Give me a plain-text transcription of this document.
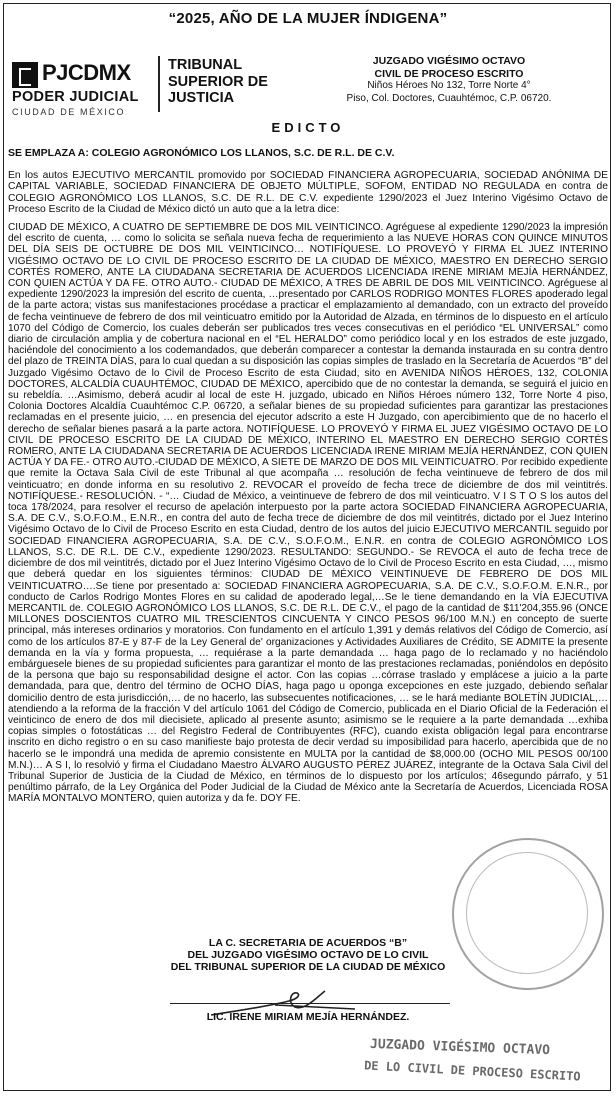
“2025, AÑO DE LA MUJER ÍNDIGENA”
PJCDMX
PODER JUDICIAL
CIUDAD DE MÉXICO
TRIBUNAL
SUPERIOR DE
JUSTICIA
JUZGADO VIGÉSIMO OCTAVO
CIVIL DE PROCESO ESCRITO
Niños Héroes No 132, Torre Norte 4°
Piso, Col. Doctores, Cuauhtémoc, C.P. 06720.
EDICTO
SE EMPLAZA A: COLEGIO AGRONÓMICO LOS LLANOS, S.C. DE R.L. DE C.V.
En los autos EJECUTIVO MERCANTIL promovido por SOCIEDAD FINANCIERA AGROPECUARIA, SOCIEDAD ANÓNIMA DE CAPITAL VARIABLE, SOCIEDAD FINANCIERA DE OBJETO MÚLTIPLE, SOFOM, ENTIDAD NO REGULADA en contra de COLEGIO AGRONÓMICO LOS LLANOS, S.C. DE R.L. DE C.V. expediente 1290/2023 el Juez Interino Vigésimo Octavo de Proceso Escrito de la Ciudad de México dictó un auto que a la letra dice:
CIUDAD DE MÉXICO, A CUATRO DE SEPTIEMBRE DE DOS MIL VEINTICINCO. Agréguese al expediente 1290/2023 la impresión del escrito de cuenta, … como lo solicita se señala nueva fecha de requerimiento a las NUEVE HORAS CON QUINCE MINUTOS DEL DÍA SEIS DE OCTUBRE DE DOS MIL VEINTICINCO… NOTIFÍQUESE. LO PROVEYÓ Y FIRMA EL JUEZ INTERINO VIGÉSIMO OCTAVO DE LO CIVIL DE PROCESO ESCRITO DE LA CIUDAD DE MÉXICO, MAESTRO EN DERECHO SERGIO CORTÉS ROMERO, ANTE LA CIUDADANA SECRETARIA DE ACUERDOS LICENCIADA IRENE MIRIAM MEJÍA HERNÁNDEZ, CON QUIEN ACTÚA Y DA FE. OTRO AUTO.- CIUDAD DE MÉXICO, A TRES DE ABRIL DE DOS MIL VEINTICINCO. Agréguese al expediente 1290/2023 la impresión del escrito de cuenta, …presentado por CARLOS RODRIGO MONTES FLORES apoderado legal de la parte actora; vistas sus manifestaciones procédase a practicar el emplazamiento al demandado, con un extracto del proveído de fecha veintinueve de febrero de dos mil veinticuatro emitido por la Autoridad de Alzada, en términos de lo dispuesto en el artículo 1070 del Código de Comercio, los cuales deberán ser publicados tres veces consecutivas en el periódico “EL UNIVERSAL” como diario de circulación amplia y de cobertura nacional en el “EL HERALDO” como periódico local y en los estrados de este juzgado, haciéndole del conocimiento a los codemandados, que deberán comparecer a contestar la demanda instaurada en su contra dentro del plazo de TREINTA DÍAS, para lo cual quedan a su disposición las copias simples de traslado en la Secretaría de Acuerdos “B” del Juzgado Vigésimo Octavo de lo Civil de Proceso Escrito de esta Ciudad, sito en AVENIDA NIÑOS HÉROES, 132, COLONIA DOCTORES, ALCALDÍA CUAUHTÉMOC, CIUDAD DE MÉXICO, apercibido que de no contestar la demanda, se seguirá el juicio en su rebeldía. …Asimismo, deberá acudir al local de este H. juzgado, ubicado en Niños Héroes número 132, Torre Norte 4 piso, Colonia Doctores Alcaldía Cuauhtémoc C.P. 06720, a señalar bienes de su propiedad suficientes para garantizar las prestaciones reclamadas en el presente juicio, … en presencia del ejecutor adscrito a este H Juzgado, con apercibimiento que de no hacerlo el derecho de señalar bienes pasará a la parte actora. NOTIFÍQUESE. LO PROVEYÓ Y FIRMA EL JUEZ VIGÉSIMO OCTAVO DE LO CIVIL DE PROCESO ESCRITO DE LA CIUDAD DE MÉXICO, INTERINO EL MAESTRO EN DERECHO SERGIO CORTÉS ROMERO, ANTE LA CIUDADANA SECRETARIA DE ACUERDOS LICENCIADA IRENE MIRIAM MEJÍA HERNÁNDEZ, CON QUIEN ACTÚA Y DA FE.- OTRO AUTO.-CIUDAD DE MÉXICO, A SIETE DE MARZO DE DOS MIL VEINTICUATRO. Por recibido expediente que remite la Octava Sala Civil de este Tribunal al que acompaña … resolución de fecha veintinueve de febrero de dos mil veinticuatro; en donde informa en su resolutivo 2. REVOCAR el proveído de fecha trece de diciembre de dos mil veintitrés. NOTIFÍQUESE.- RESOLUCIÓN. - “… Ciudad de México, a veintinueve de febrero de dos mil veinticuatro. V I S T O S los autos del toca 178/2024, para resolver el recurso de apelación interpuesto por la parte actora SOCIEDAD FINANCIERA AGROPECUARIA, S.A. DE C.V., S.O.F.O.M., E.N.R., en contra del auto de fecha trece de diciembre de dos mil veintitrés, dictado por el Juez Interino Vigésimo Octavo de lo Civil de Proceso Escrito en esta Ciudad, dentro de los autos del juicio EJECUTIVO MERCANTIL seguido por SOCIEDAD FINANCIERA AGROPECUARIA, S.A. DE C.V., S.O.F.O.M., E.N.R. en contra de COLEGIO AGRONÓMICO LOS LLANOS, S.C. DE R.L. DE C.V., expediente 1290/2023. RESULTANDO: SEGUNDO.- Se REVOCA el auto de fecha trece de diciembre de dos mil veintitrés, dictado por el Juez Interino Vigésimo Octavo de lo Civil de Proceso Escrito en esta Ciudad, …, mismo que deberá quedar en los siguientes términos: CIUDAD DE MÉXICO VEINTINUEVE DE FEBRERO DE DOS MIL VEINTICUATRO….Se tiene por presentado a: SOCIEDAD FINANCIERA AGROPECUARIA, S.A. DE C.V., S.O.F.O.M. E.N.R., por conducto de Carlos Rodrigo Montes Flores en su calidad de apoderado legal,…Se le tiene demandando en la VÍA EJECUTIVA MERCANTIL de. COLEGIO AGRONÓMICO LOS LLANOS, S.C. DE R.L. DE C.V., el pago de la cantidad de $11'204,355.96 (ONCE MILLONES DOSCIENTOS CUATRO MIL TRESCIENTOS CINCUENTA Y CINCO PESOS 96/100 M.N.) en concepto de suerte principal, más intereses ordinarios y moratorios. Con fundamento en el artículo 1,391 y demás relativos del Código de Comercio, así como de los artículos 87-E y 87-F de la Ley General de' organizaciones y Actividades Auxiliares de Crédito, SE ADMITE la presente demanda en la vía y forma propuesta, … requiérase a la parte demandada … haga pago de lo reclamado y no haciéndolo embárguesele bienes de su propiedad suficientes para garantizar el monto de las prestaciones reclamadas, poniéndolos en depósito de la persona que bajo su responsabilidad designe el actor. Con las copias …córrase traslado y emplácese a juicio a la parte demandada, para que, dentro del término de OCHO DÍAS, haga pago u oponga excepciones en este juzgado, debiendo señalar domicilio dentro de esta jurisdicción,… de no hacerlo, las subsecuentes notificaciones, … se le hará mediante BOLETÍN JUDICIAL,… atendiendo a la reforma de la fracción V del artículo 1061 del Código de Comercio, publicada en el Diario Oficial de la Federación el veinticinco de enero de dos mil diecisiete, aplicado al presente asunto; asimismo se le requiere a la parte demandada …exhiba copias simples o fotostáticas … del Registro Federal de Contribuyentes (RFC), cuando exista obligación legal para encontrarse inscrito en dicho registro o en su caso manifieste bajo protesta de decir verdad su imposibilidad para hacerlo, apercibida que de no hacerlo se le impondrá una medida de apremio consistente en MULTA por la cantidad de $8,000.00 (OCHO MIL PESOS 00/100 M.N.)… A S I, lo resolvió y firma el Ciudadano Maestro ÁLVARO AUGUSTO PÉREZ JUÁREZ, integrante de la Octava Sala Civil del Tribunal Superior de Justicia de la Ciudad de México, en términos de lo dispuesto por los artículos; 46segundo párrafo, y 51 penúltimo párrafo, de la Ley Orgánica del Poder Judicial de la Ciudad de México ante la Secretaría de Acuerdos, Licenciada ROSA MARÍA MONTALVO MONTERO, quien autoriza y da fe. DOY FE.
LA C. SECRETARIA DE ACUERDOS “B”
DEL JUZGADO VIGÉSIMO OCTAVO DE LO CIVIL
DEL TRIBUNAL SUPERIOR DE LA CIUDAD DE MÉXICO
LIC. IRENE MIRIAM MEJÍA HERNÁNDEZ.
JUZGADO VIGÉSIMO OCTAVO
DE LO CIVIL DE PROCESO ESCRITO
